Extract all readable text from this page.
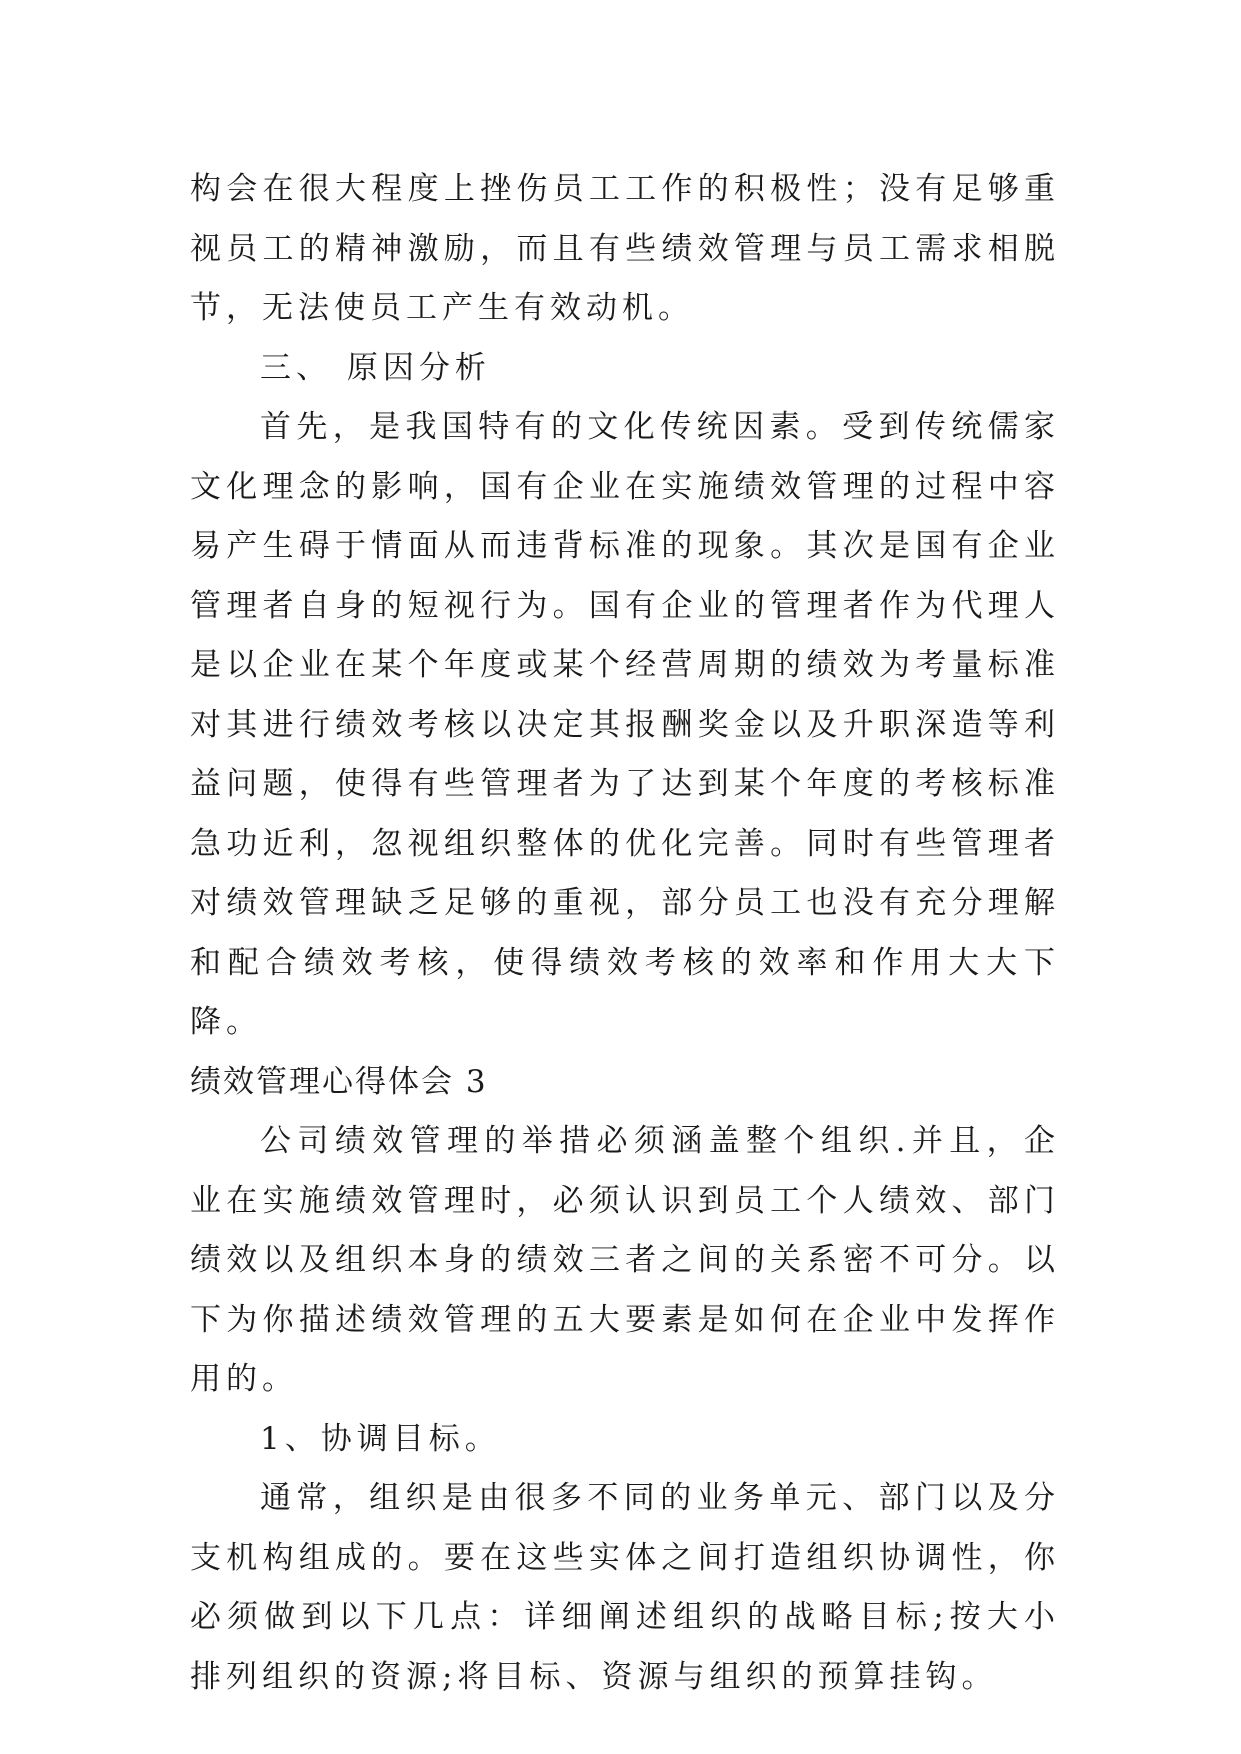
构会在很大程度上挫伤员工工作的积极性；没有足够重视员工的精神激励，而且有些绩效管理与员工需求相脱节，无法使员工产生有效动机。

三、 原因分析

首先，是我国特有的文化传统因素。受到传统儒家文化理念的影响，国有企业在实施绩效管理的过程中容易产生碍于情面从而违背标准的现象。其次是国有企业管理者自身的短视行为。国有企业的管理者作为代理人是以企业在某个年度或某个经营周期的绩效为考量标准对其进行绩效考核以决定其报酬奖金以及升职深造等利益问题，使得有些管理者为了达到某个年度的考核标准急功近利，忽视组织整体的优化完善。同时有些管理者对绩效管理缺乏足够的重视，部分员工也没有充分理解和配合绩效考核，使得绩效考核的效率和作用大大下降。

绩效管理心得体会 3

公司绩效管理的举措必须涵盖整个组织.并且，企业在实施绩效管理时，必须认识到员工个人绩效、部门绩效以及组织本身的绩效三者之间的关系密不可分。以下为你描述绩效管理的五大要素是如何在企业中发挥作用的。

1、协调目标。

通常，组织是由很多不同的业务单元、部门以及分支机构组成的。要在这些实体之间打造组织协调性，你必须做到以下几点：详细阐述组织的战略目标;按大小排列组织的资源;将目标、资源与组织的预算挂钩。
